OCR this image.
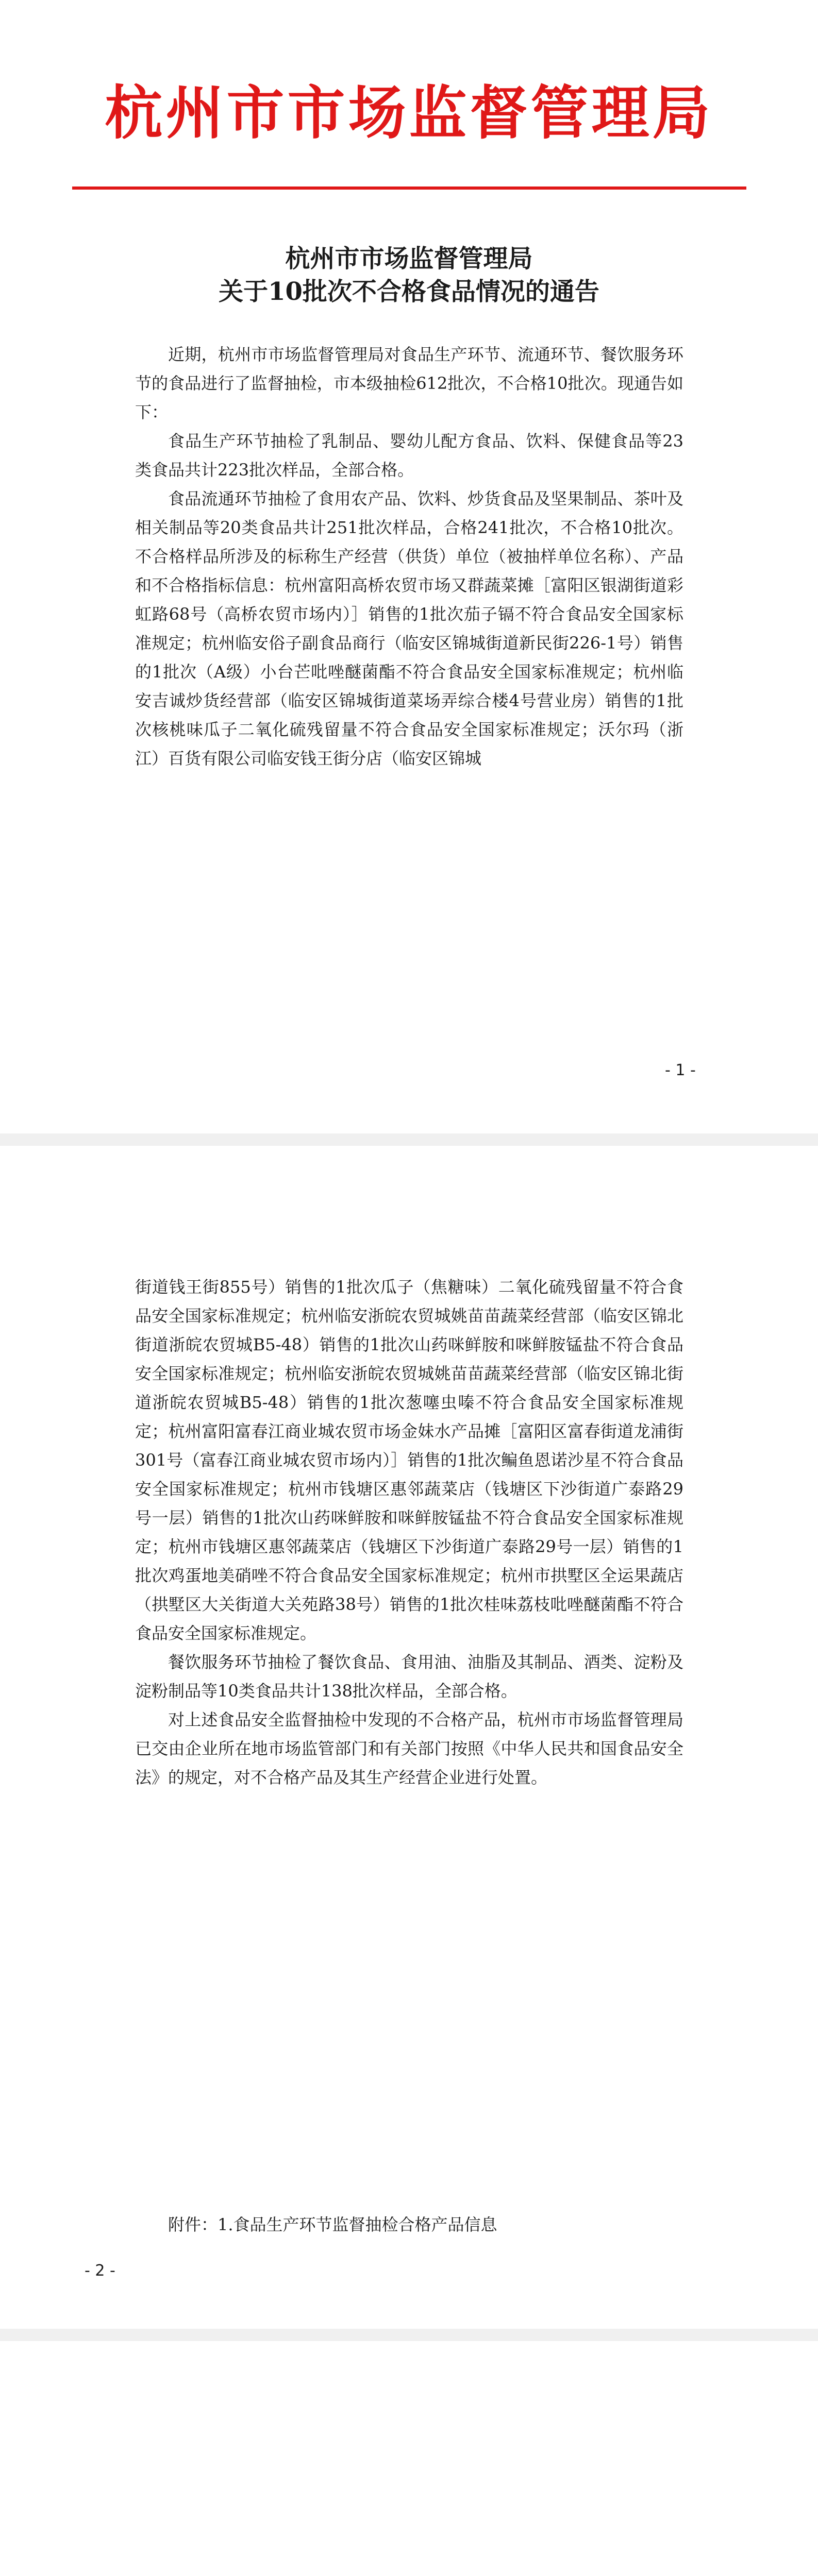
杭州市市场监督管理局
杭州市市场监督管理局
关于10批次不合格食品情况的通告

近期，杭州市市场监督管理局对食品生产环节、流通环节、餐饮服务环节的食品进行了监督抽检，市本级抽检612批次，不合格10批次。现通告如下：

食品生产环节抽检了乳制品、婴幼儿配方食品、饮料、保健食品等23类食品共计223批次样品，全部合格。

食品流通环节抽检了食用农产品、饮料、炒货食品及坚果制品、茶叶及相关制品等20类食品共计251批次样品，合格241批次，不合格10批次。不合格样品所涉及的标称生产经营（供货）单位（被抽样单位名称）、产品和不合格指标信息：杭州富阳高桥农贸市场又群蔬菜摊［富阳区银湖街道彩虹路68号（高桥农贸市场内）］销售的1批次茄子镉不符合食品安全国家标准规定；杭州临安俗子副食品商行（临安区锦城街道新民街226-1号）销售的1批次（A级）小台芒吡唑醚菌酯不符合食品安全国家标准规定；杭州临安吉诚炒货经营部（临安区锦城街道菜场弄综合楼4号营业房）销售的1批次核桃味瓜子二氧化硫残留量不符合食品安全国家标准规定；沃尔玛（浙江）百货有限公司临安钱王街分店（临安区锦城

- 1 -

街道钱王街855号）销售的1批次瓜子（焦糖味）二氧化硫残留量不符合食品安全国家标准规定；杭州临安浙皖农贸城姚苗苗蔬菜经营部（临安区锦北街道浙皖农贸城B5-48）销售的1批次山药咪鲜胺和咪鲜胺锰盐不符合食品安全国家标准规定；杭州临安浙皖农贸城姚苗苗蔬菜经营部（临安区锦北街道浙皖农贸城B5-48）销售的1批次葱噻虫嗪不符合食品安全国家标准规定；杭州富阳富春江商业城农贸市场金妹水产品摊［富阳区富春街道龙浦街301号（富春江商业城农贸市场内）］销售的1批次鳊鱼恩诺沙星不符合食品安全国家标准规定；杭州市钱塘区惠邻蔬菜店（钱塘区下沙街道广泰路29号一层）销售的1批次山药咪鲜胺和咪鲜胺锰盐不符合食品安全国家标准规定；杭州市钱塘区惠邻蔬菜店（钱塘区下沙街道广泰路29号一层）销售的1批次鸡蛋地美硝唑不符合食品安全国家标准规定；杭州市拱墅区全运果蔬店（拱墅区大关街道大关苑路38号）销售的1批次桂味荔枝吡唑醚菌酯不符合食品安全国家标准规定。

餐饮服务环节抽检了餐饮食品、食用油、油脂及其制品、酒类、淀粉及淀粉制品等10类食品共计138批次样品，全部合格。

对上述食品安全监督抽检中发现的不合格产品，杭州市市场监督管理局已交由企业所在地市场监管部门和有关部门按照《中华人民共和国食品安全法》的规定，对不合格产品及其生产经营企业进行处置。

附件：1.食品生产环节监督抽检合格产品信息
- 2 -
